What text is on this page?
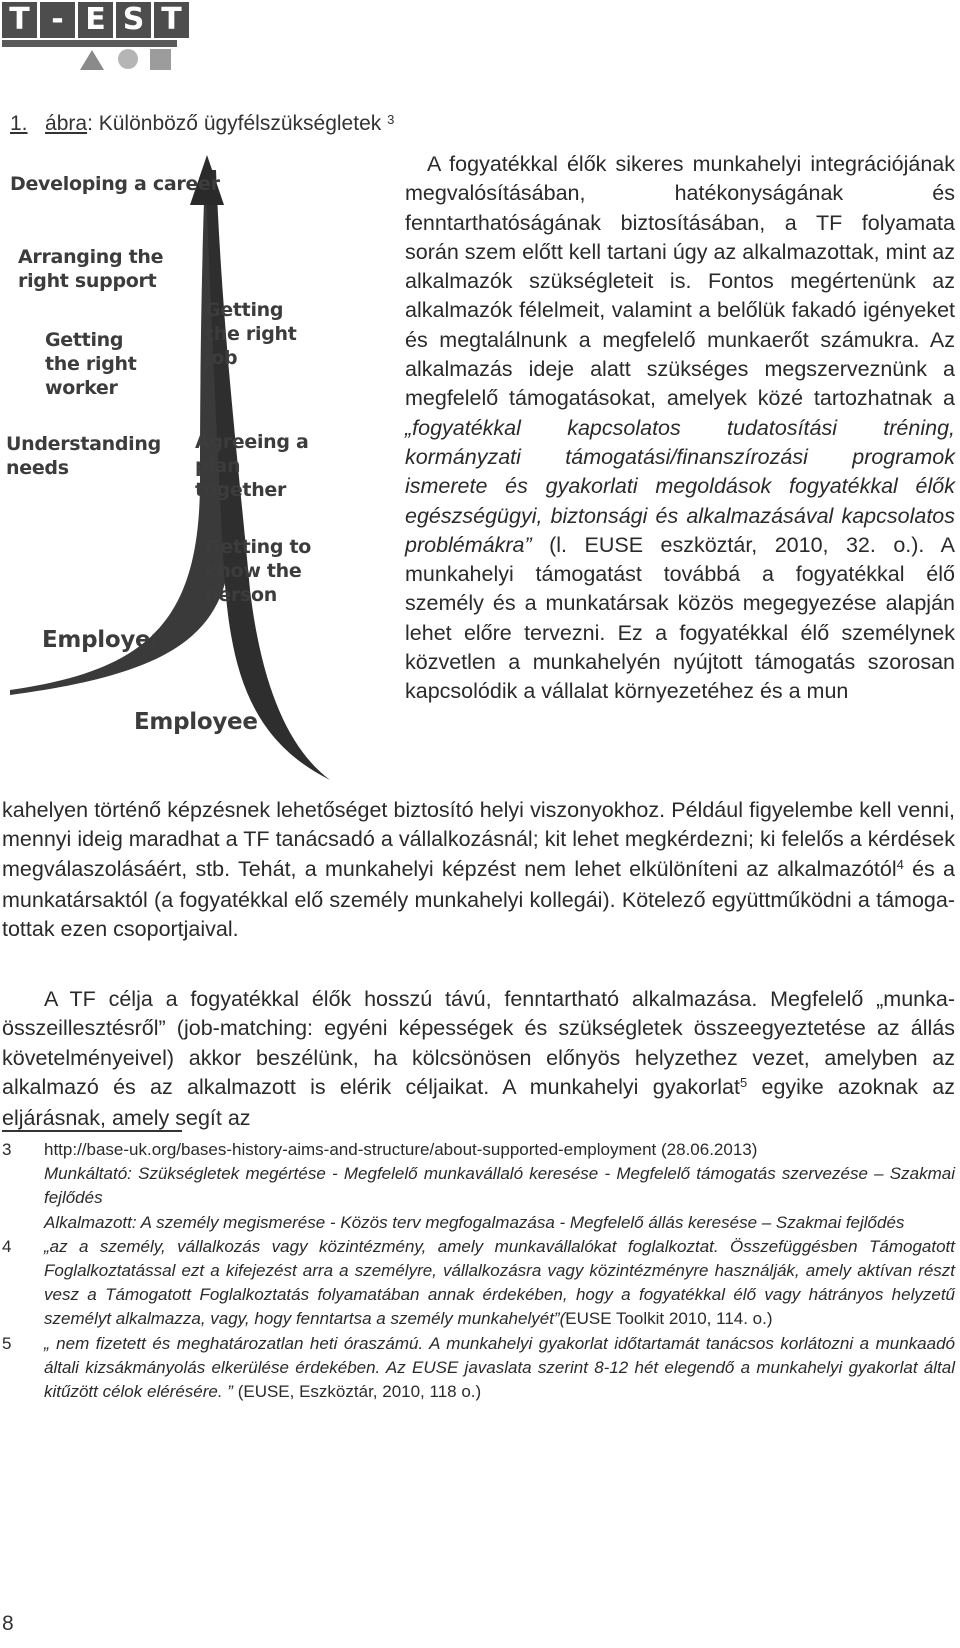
T - E S T
1. ábra: Különböző ügyfélszükségletek $^3$
Developing a career
Arranging the right support
Getting the right worker
Understanding needs
Getting the right job
Agreeing a plan together
Getting to know the person
Employer
Employee
A fogyatékkal élők sikeres munkahelyi integrációjának megvalósításában, hatékonyságának és fenntarthatóságának biztosításában, a TF folyamata során szem előtt kell tartani úgy az alkalmazottak, mint az alkalmazók szükségleteit is. Fontos megértenünk az alkalmazók félelmeit, valamint a belőlük fakadó igényeket és megtalálnunk a megfelelő munkaerőt számukra. Az alkalmazás ideje alatt szükséges megszerveznünk a megfelelő támogatásokat, amelyek közé tartozhatnak a „fogyatékkal kapcsolatos tudatosítási tréning, kormányzati támogatási/finanszírozási programok ismerete és gyakorlati megoldások fogyatékkal élők egészségügyi, biztonsági és alkalmazásával kapcsolatos problémákra” (l. EUSE eszköztár, 2010, 32. o.). A munkahelyi támogatást továbbá a fogyatékkal élő személy és a munkatársak közös megegyezése alapján lehet előre tervezni. Ez a fogyatékkal élő személynek közvetlen a munkahelyén nyújtott támogatás szorosan kapcsolódik a vállalat környezetéhez és a mun
kahelyen történő képzésnek lehetőséget biztosító helyi viszonyokhoz. Például figyelembe kell venni, mennyi ideig maradhat a TF tanácsadó a vállalkozásnál; kit lehet megkérdezni; ki felelős a kérdések megválaszolásáért, stb. Tehát, a munkahelyi képzést nem lehet elkülöníteni az alkalmazótól$^4$ és a munkatársaktól (a fogyatékkal elő személy munkahelyi kollegái). Kötelező együttműködni a támogatottak ezen csoportjaival.
A TF célja a fogyatékkal élők hosszú távú, fenntartható alkalmazása. Megfelelő „munka-összeillesztésről” (job-matching: egyéni képességek és szükségletek összeegyeztetése az állás követelményeivel) akkor beszélünk, ha kölcsönösen előnyös helyzethez vezet, amelyben az alkalmazó és az alkalmazott is elérik céljaikat. A munkahelyi gyakorlat$^5$ egyike azoknak az eljárásnak, amely segít az
3 http://base-uk.org/bases-history-aims-and-structure/about-supported-employment (28.06.2013)
Munkáltató: Szükségletek megértése - Megfelelő munkavállaló keresése - Megfelelő támogatás szervezése – Szakmai fejlődés
Alkalmazott: A személy megismerése - Közös terv megfogalmazása - Megfelelő állás keresése – Szakmai fejlődés
4 „az a személy, vállalkozás vagy közintézmény, amely munkavállalókat foglalkoztat. Összefüggésben Támogatott Foglalkoztatással ezt a kifejezést arra a személyre, vállalkozásra vagy közintézményre használják, amely aktívan részt vesz a Támogatott Foglalkoztatás folyamatában annak érdekében, hogy a fogyatékkal élő vagy hátrányos helyzetű személyt alkalmazza, vagy, hogy fenntartsa a személy munkahelyét”(EUSE Toolkit 2010, 114. o.)
5 „ nem fizetett és meghatározatlan heti óraszámú. A munkahelyi gyakorlat időtartamát tanácsos korlátozni a munkaadó általi kizsákmányolás elkerülése érdekében. Az EUSE javaslata szerint 8-12 hét elegendő a munkahelyi gyakorlat által kitűzött célok elérésére. ” (EUSE, Eszköztár, 2010, 118 o.)
8
